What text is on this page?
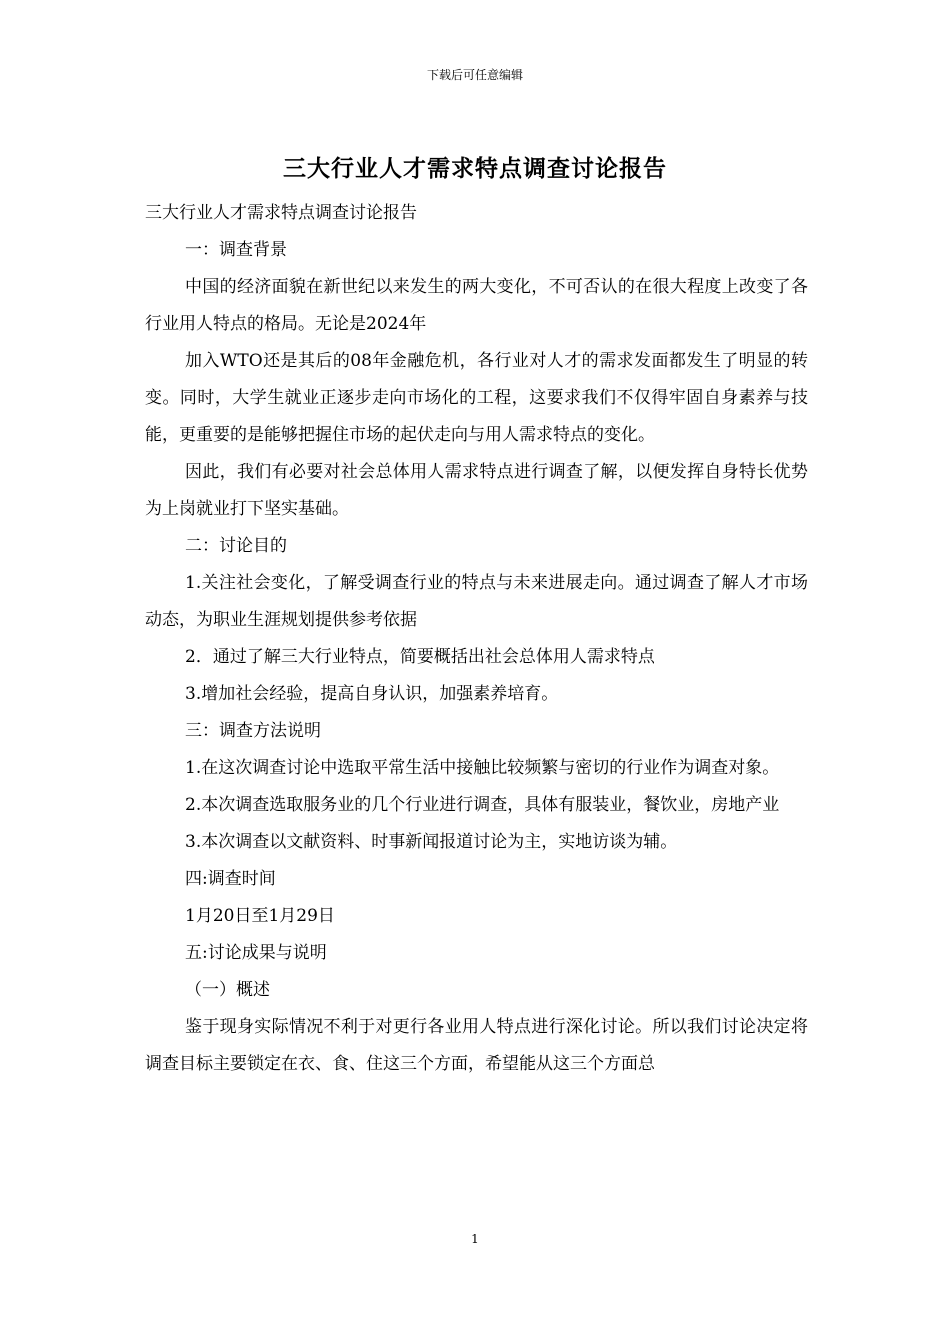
下载后可任意编辑
三大行业人才需求特点调查讨论报告

三大行业人才需求特点调查讨论报告

一：调查背景

中国的经济面貌在新世纪以来发生的两大变化，不可否认的在很大程度上改变了各行业用人特点的格局。无论是2024年

加入WTO还是其后的08年金融危机，各行业对人才的需求发面都发生了明显的转变。同时，大学生就业正逐步走向市场化的工程，这要求我们不仅得牢固自身素养与技能，更重要的是能够把握住市场的起伏走向与用人需求特点的变化。

因此，我们有必要对社会总体用人需求特点进行调查了解，以便发挥自身特长优势为上岗就业打下坚实基础。

二：讨论目的

1.关注社会变化，了解受调查行业的特点与未来进展走向。通过调查了解人才市场动态，为职业生涯规划提供参考依据

2．通过了解三大行业特点，简要概括出社会总体用人需求特点

3.增加社会经验，提高自身认识，加强素养培育。

三：调查方法说明

1.在这次调查讨论中选取平常生活中接触比较频繁与密切的行业作为调查对象。

2.本次调查选取服务业的几个行业进行调查，具体有服装业，餐饮业，房地产业

3.本次调查以文献资料、时事新闻报道讨论为主，实地访谈为辅。

四:调查时间

1月20日至1月29日

五:讨论成果与说明

（一）概述

鉴于现身实际情况不利于对更行各业用人特点进行深化讨论。所以我们讨论决定将调查目标主要锁定在衣、食、住这三个方面，希望能从这三个方面总

1
